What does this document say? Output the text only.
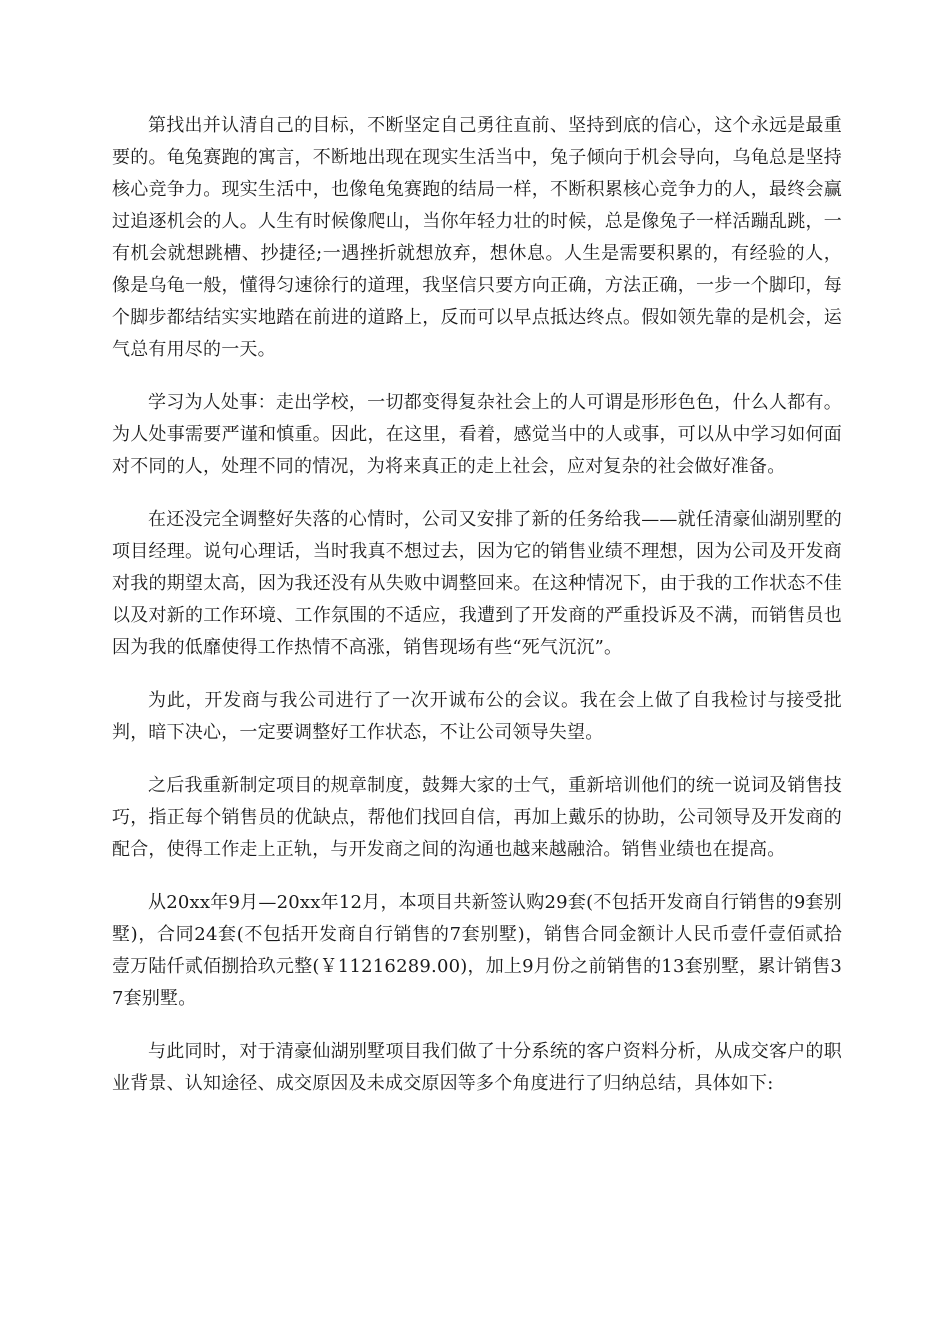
第找出并认清自己的目标，不断坚定自己勇往直前、坚持到底的信心，这个永远是最重要的。龟兔赛跑的寓言，不断地出现在现实生活当中，兔子倾向于机会导向，乌龟总是坚持核心竞争力。现实生活中，也像龟兔赛跑的结局一样，不断积累核心竞争力的人，最终会赢过追逐机会的人。人生有时候像爬山，当你年轻力壮的时候，总是像兔子一样活蹦乱跳，一有机会就想跳槽、抄捷径;一遇挫折就想放弃，想休息。人生是需要积累的，有经验的人，像是乌龟一般，懂得匀速徐行的道理，我坚信只要方向正确，方法正确，一步一个脚印，每个脚步都结结实实地踏在前进的道路上，反而可以早点抵达终点。假如领先靠的是机会，运气总有用尽的一天。

学习为人处事：走出学校，一切都变得复杂社会上的人可谓是形形色色，什么人都有。为人处事需要严谨和慎重。因此，在这里，看着，感觉当中的人或事，可以从中学习如何面对不同的人，处理不同的情况，为将来真正的走上社会，应对复杂的社会做好准备。

在还没完全调整好失落的心情时，公司又安排了新的任务给我——就任清豪仙湖别墅的项目经理。说句心理话，当时我真不想过去，因为它的销售业绩不理想，因为公司及开发商对我的期望太高，因为我还没有从失败中调整回来。在这种情况下，由于我的工作状态不佳以及对新的工作环境、工作氛围的不适应，我遭到了开发商的严重投诉及不满，而销售员也因为我的低靡使得工作热情不高涨，销售现场有些“死气沉沉”。

为此，开发商与我公司进行了一次开诚布公的会议。我在会上做了自我检讨与接受批判，暗下决心，一定要调整好工作状态，不让公司领导失望。

之后我重新制定项目的规章制度，鼓舞大家的士气，重新培训他们的统一说词及销售技巧，指正每个销售员的优缺点，帮他们找回自信，再加上戴乐的协助，公司领导及开发商的配合，使得工作走上正轨，与开发商之间的沟通也越来越融洽。销售业绩也在提高。

从20xx年9月—20xx年12月，本项目共新签认购29套(不包括开发商自行销售的9套别墅)，合同24套(不包括开发商自行销售的7套别墅)，销售合同金额计人民币壹仟壹佰贰拾壹万陆仟贰佰捌拾玖元整(￥11216289.00)，加上9月份之前销售的13套别墅，累计销售37套别墅。

与此同时，对于清豪仙湖别墅项目我们做了十分系统的客户资料分析，从成交客户的职业背景、认知途径、成交原因及未成交原因等多个角度进行了归纳总结，具体如下:
